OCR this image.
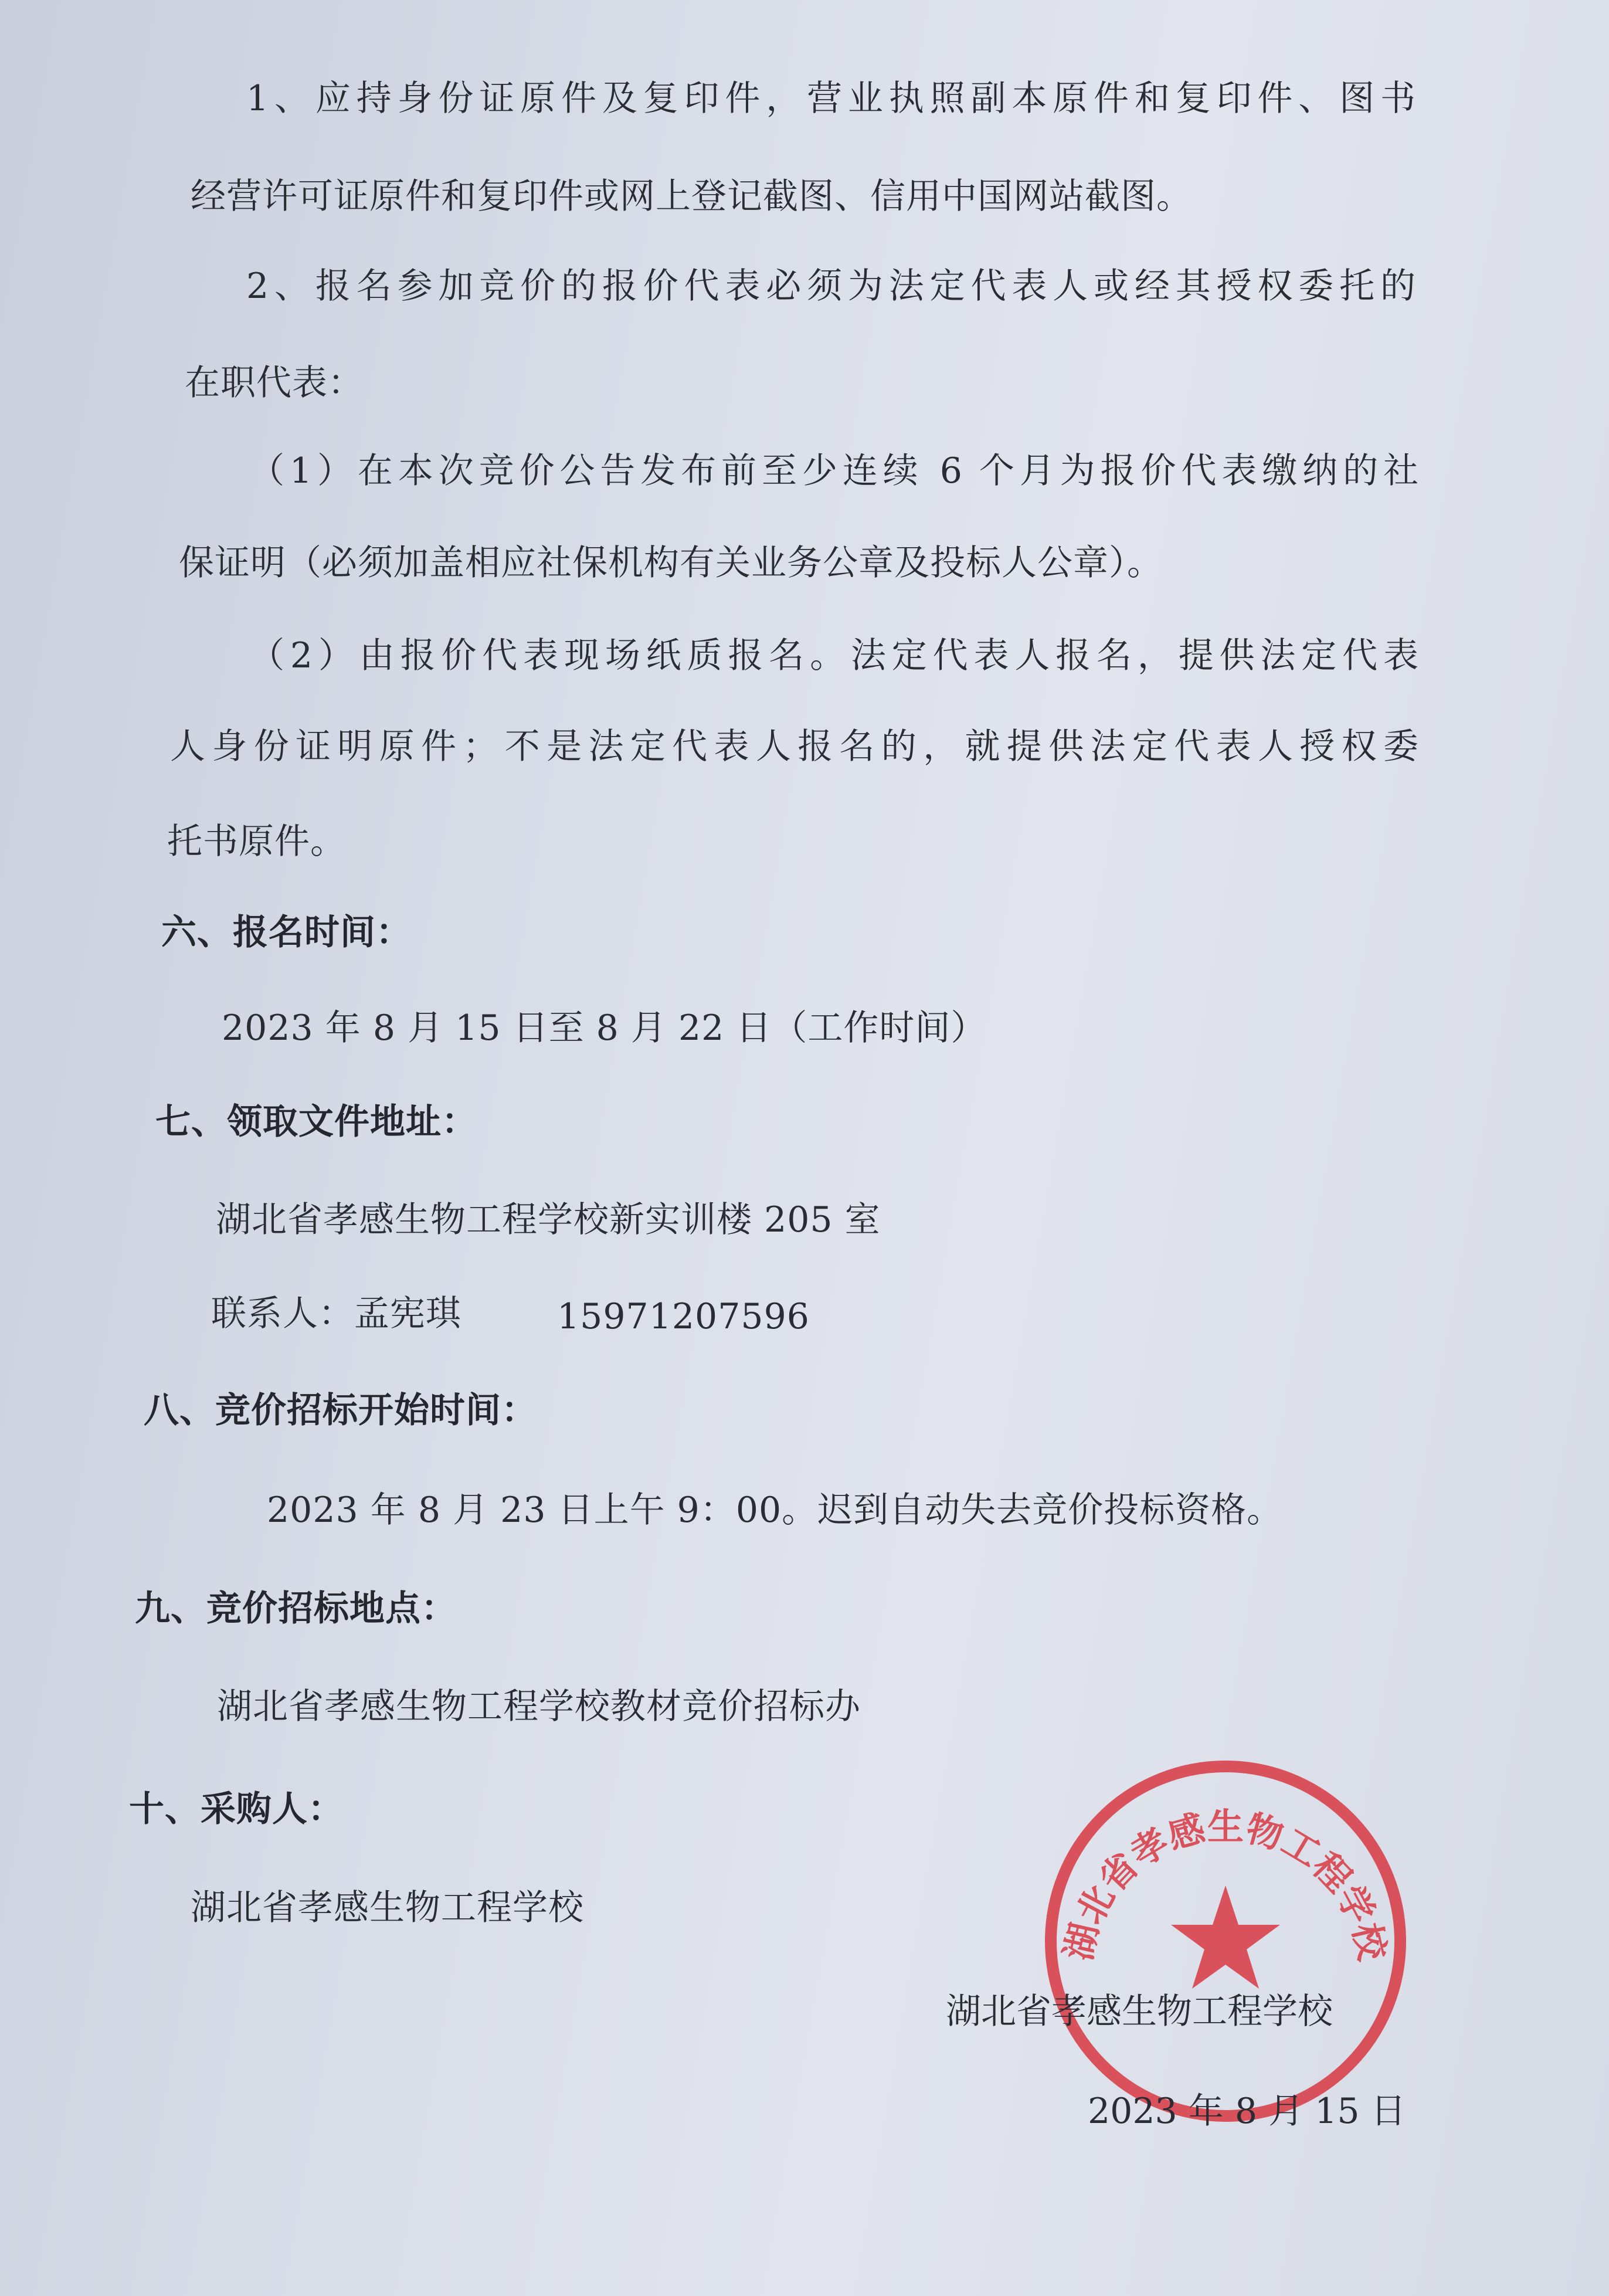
1、应持身份证原件及复印件，营业执照副本原件和复印件、图书
经营许可证原件和复印件或网上登记截图、信用中国网站截图。
2、报名参加竞价的报价代表必须为法定代表人或经其授权委托的
在职代表：
（1）在本次竞价公告发布前至少连续 6 个月为报价代表缴纳的社
保证明（必须加盖相应社保机构有关业务公章及投标人公章）。
（2）由报价代表现场纸质报名。法定代表人报名，提供法定代表
人身份证明原件；不是法定代表人报名的，就提供法定代表人授权委
托书原件。
六、报名时间：
2023 年 8 月 15 日至 8 月 22 日（工作时间）
七、领取文件地址：
湖北省孝感生物工程学校新实训楼 205 室
联系人：孟宪琪	15971207596
八、竞价招标开始时间：
2023 年 8 月 23 日上午 9：00。迟到自动失去竞价投标资格。
九、竞价招标地点：
湖北省孝感生物工程学校教材竞价招标办
十、采购人：
湖北省孝感生物工程学校
湖北省孝感生物工程学校
湖北省孝感生物工程学校
2023 年 8 月 15 日
